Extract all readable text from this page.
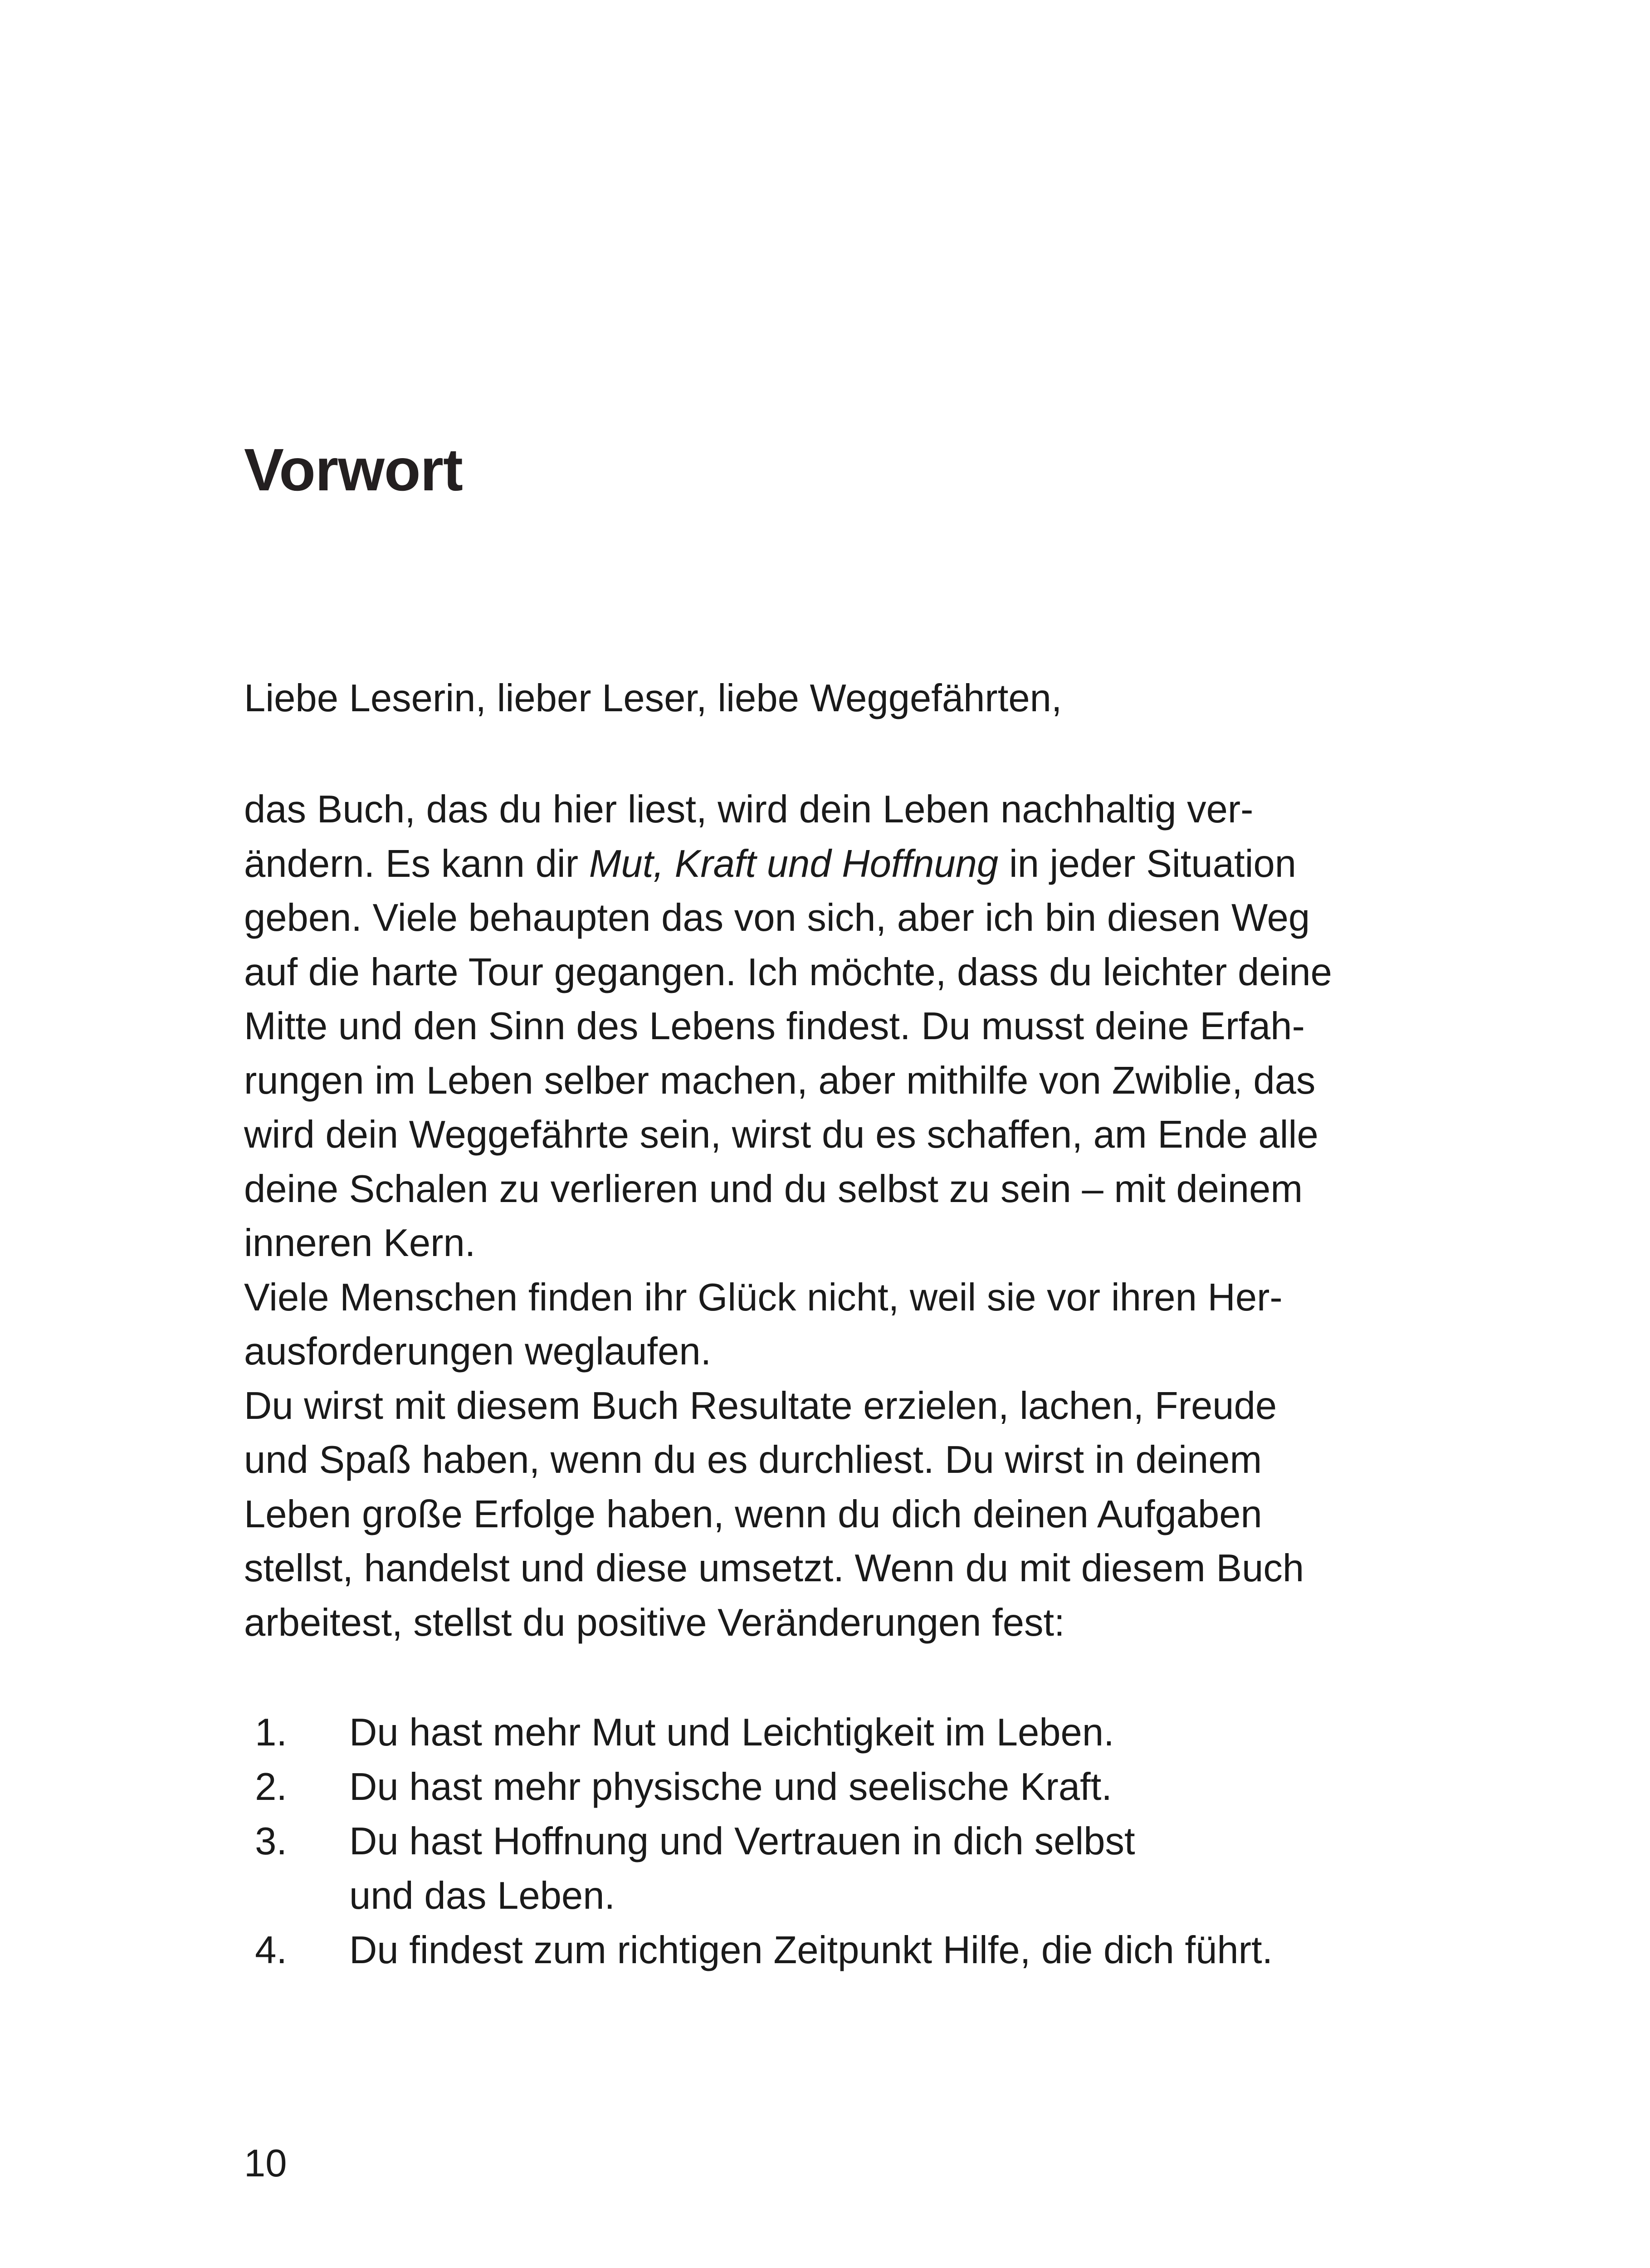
Vorwort

Liebe Leserin, lieber Leser, liebe Weggefährten,

das Buch, das du hier liest, wird dein Leben nachhaltig ver-
ändern. Es kann dir Mut, Kraft und Hoffnung in jeder Situation
geben. Viele behaupten das von sich, aber ich bin diesen Weg
auf die harte Tour gegangen. Ich möchte, dass du leichter deine
Mitte und den Sinn des Lebens findest. Du musst deine Erfah-
rungen im Leben selber machen, aber mithilfe von Zwiblie, das
wird dein Weggefährte sein, wirst du es schaffen, am Ende alle
deine Schalen zu verlieren und du selbst zu sein – mit deinem
inneren Kern.
Viele Menschen finden ihr Glück nicht, weil sie vor ihren Her-
ausforderungen weglaufen.
Du wirst mit diesem Buch Resultate erzielen, lachen, Freude
und Spaß haben, wenn du es durchliest. Du wirst in deinem
Leben große Erfolge haben, wenn du dich deinen Aufgaben
stellst, handelst und diese umsetzt. Wenn du mit diesem Buch
arbeitest, stellst du positive Veränderungen fest:
1.	Du hast mehr Mut und Leichtigkeit im Leben.
2.	Du hast mehr physische und seelische Kraft.
3.	Du hast Hoffnung und Vertrauen in dich selbst
und das Leben.
4.	Du findest zum richtigen Zeitpunkt Hilfe, die dich führt.

10
